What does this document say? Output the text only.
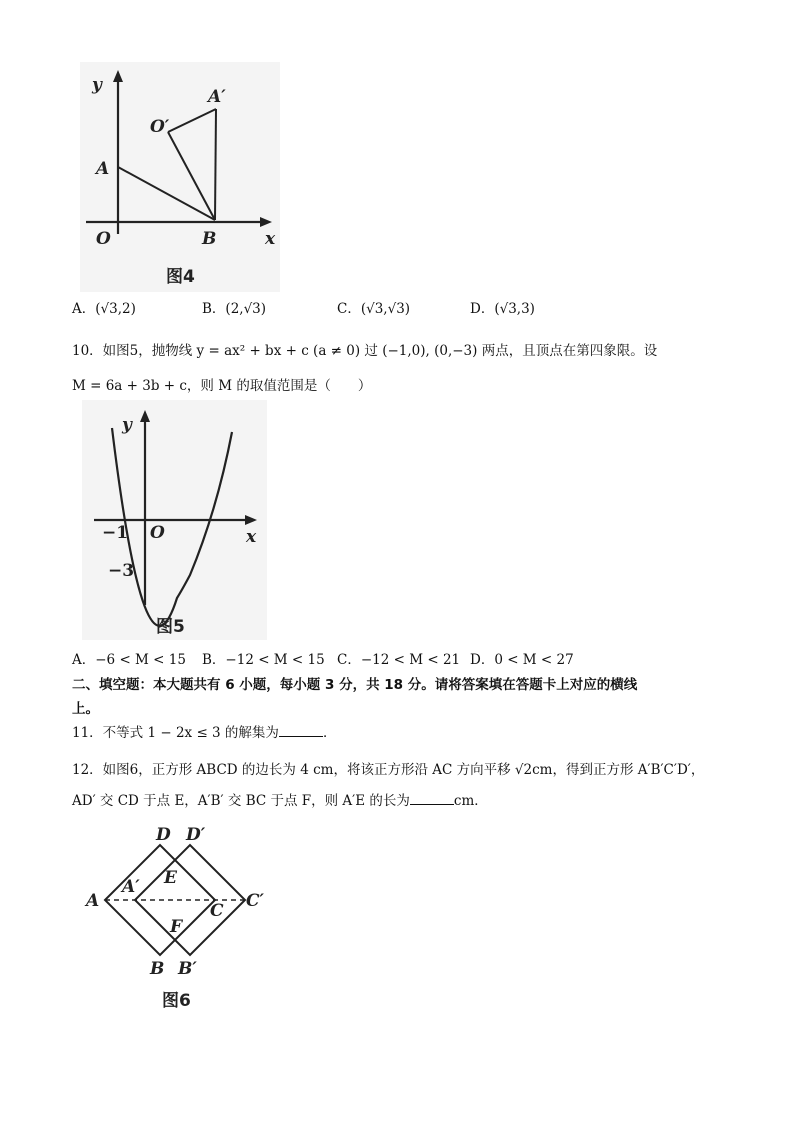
y
x
O
A
B
O′
A′
图4
A．(√3,2)	B．(2,√3)	C．(√3,√3)	D．(√3,3)
10．如图5，抛物线 y = ax² + bx + c (a ≠ 0) 过 (−1,0), (0,−3) 两点，且顶点在第四象限。设
M = 6a + 3b + c，则 M 的取值范围是（　　）
y
x
O
−1
−3
图5
A．−6 < M < 15 B．−12 < M < 15 C．−12 < M < 21 D．0 < M < 27
二、填空题：本大题共有 6 小题，每小题 3 分，共 18 分。请将答案填在答题卡上对应的横线
上。
11．不等式 1 − 2x ≤ 3 的解集为	．
12．如图6，正方形 ABCD 的边长为 4 cm，将该正方形沿 AC 方向平移 √2cm，得到正方形 A′B′C′D′，
AD′ 交 CD 于点 E，A′B′ 交 BC 于点 F，则 A′E 的长为	cm．
D D′
A
A′ E
C C′
F
B B′
图6
